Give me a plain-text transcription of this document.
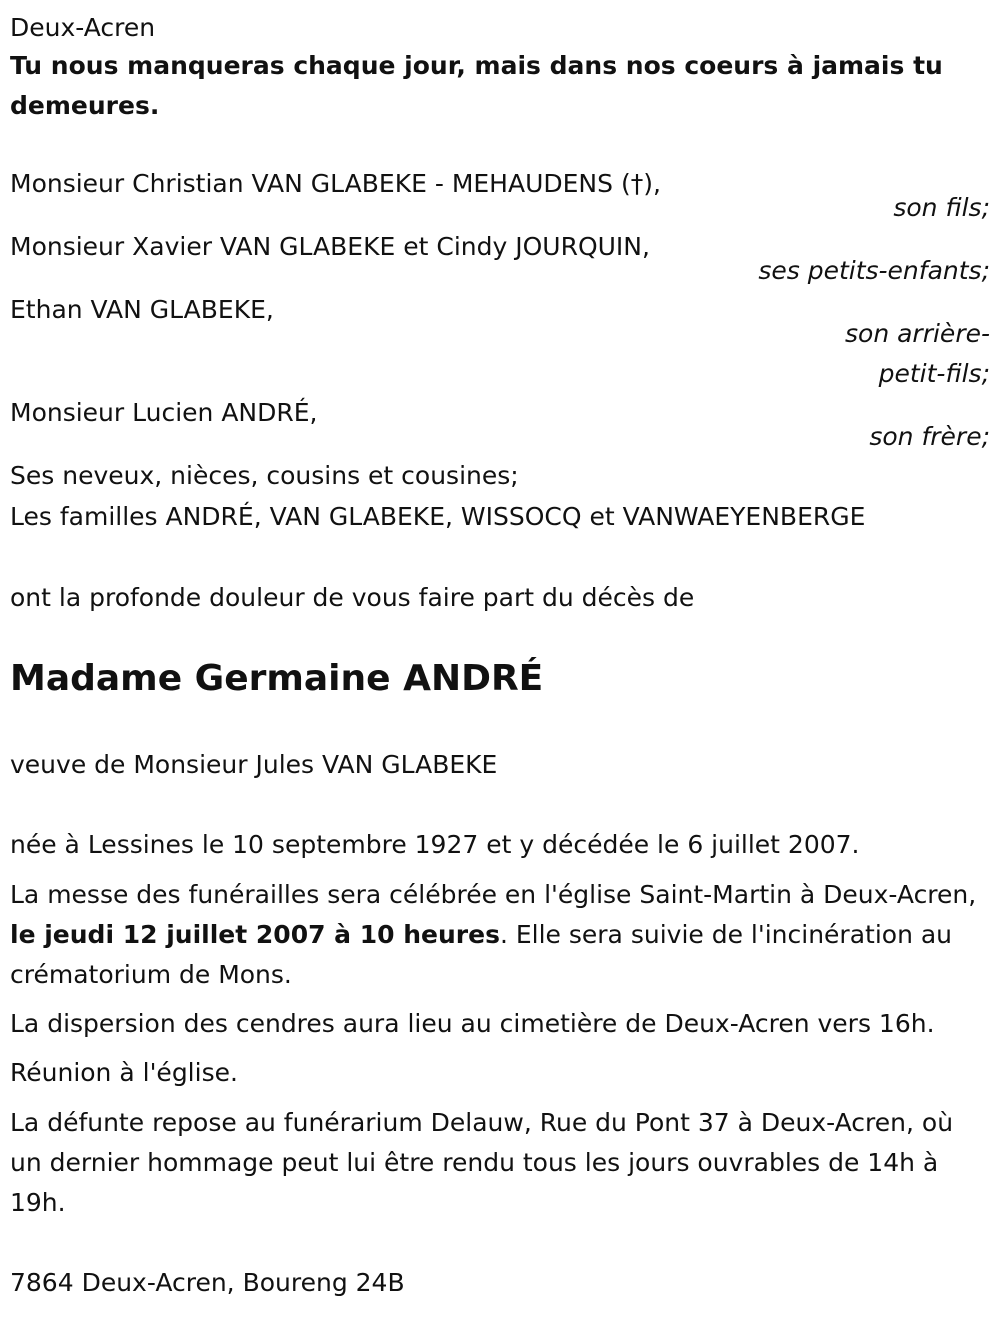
Deux-Acren

Tu nous manqueras chaque jour, mais dans nos coeurs à jamais tu demeures.

Monsieur Christian VAN GLABEKE - MEHAUDENS (†),
son fils;
Monsieur Xavier VAN GLABEKE et Cindy JOURQUIN,
ses petits-enfants;
Ethan VAN GLABEKE,
son arrière-petit-fils;
Monsieur Lucien ANDRÉ,
son frère;

Ses neveux, nièces, cousins et cousines;

Les familles ANDRÉ, VAN GLABEKE, WISSOCQ et VANWAEYENBERGE

ont la profonde douleur de vous faire part du décès de

Madame Germaine ANDRÉ

veuve de Monsieur Jules VAN GLABEKE

née à Lessines le 10 septembre 1927 et y décédée le 6 juillet 2007.

La messe des funérailles sera célébrée en l'église Saint-Martin à Deux-Acren, le jeudi 12 juillet 2007 à 10 heures. Elle sera suivie de l'incinération au crématorium de Mons.

La dispersion des cendres aura lieu au cimetière de Deux-Acren vers 16h.

Réunion à l'église.

La défunte repose au funérarium Delauw, Rue du Pont 37 à Deux-Acren, où un dernier hommage peut lui être rendu tous les jours ouvrables de 14h à 19h.

7864 Deux-Acren, Boureng 24B
